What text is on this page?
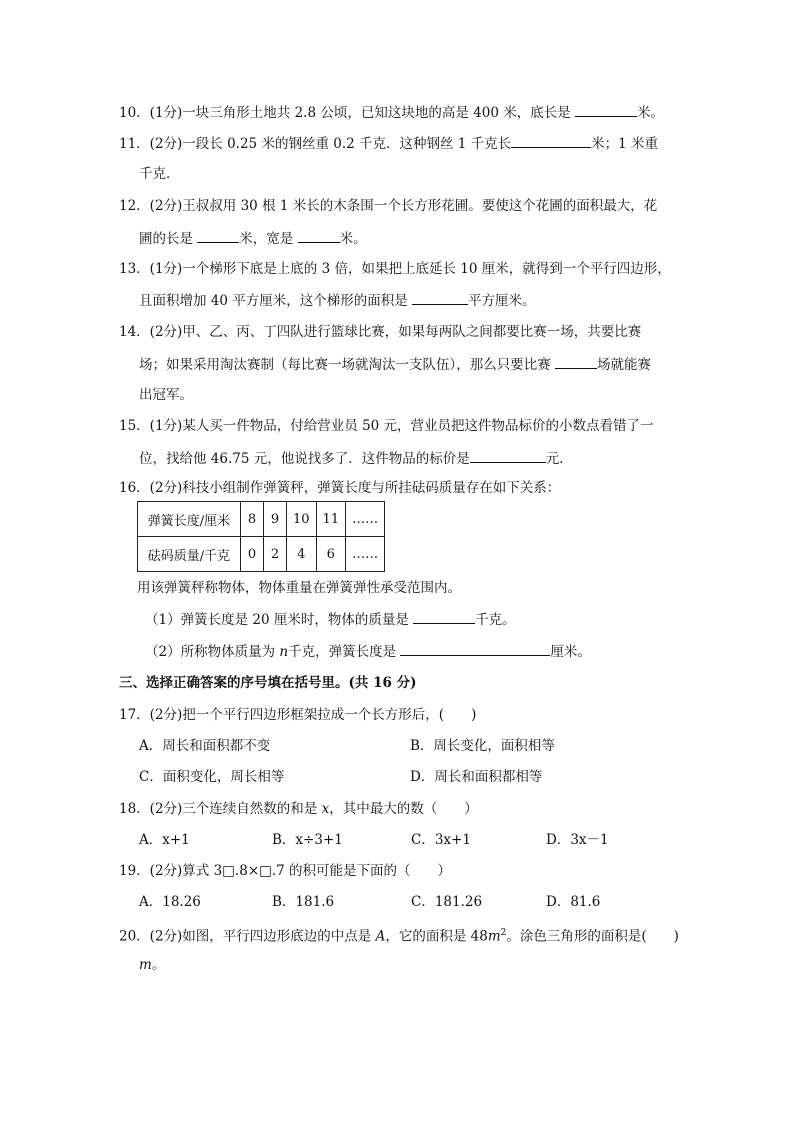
10．(1分)一块三角形土地共 2.8 公顷，已知这块地的高是 400 米，底长是	米。
11．(2分)一段长 0.25 米的钢丝重 0.2 千克．这种钢丝 1 千克长	米；1 米重
千克．
12．(2分)王叔叔用 30 根 1 米长的木条围一个长方形花圃。要使这个花圃的面积最大，花
圃的长是	米，宽是	米。
13．(1分)一个梯形下底是上底的 3 倍，如果把上底延长 10 厘米，就得到一个平行四边形，
且面积增加 40 平方厘米，这个梯形的面积是	平方厘米。
14．(2分)甲、乙、丙、丁四队进行篮球比赛，如果每两队之间都要比赛一场，共要比赛
场；如果采用淘汰赛制（每比赛一场就淘汰一支队伍），那么只要比赛	场就能赛
出冠军。
15．(1分)某人买一件物品，付给营业员 50 元，营业员把这件物品标价的小数点看错了一
位，找给他 46.75 元，他说找多了．这件物品的标价是	元．
16．(2分)科技小组制作弹簧秤，弹簧长度与所挂砝码质量存在如下关系：
弹簧长度/厘米	8	9	10	11	……
砝码质量/千克	0	2	4	6	……
用该弹簧秤称物体，物体重量在弹簧弹性承受范围内。
（1）弹簧长度是 20 厘米时，物体的质量是	千克。
（2）所称物体质量为 n千克，弹簧长度是	厘米。
三、选择正确答案的序号填在括号里。(共 16 分)
17．(2分)把一个平行四边形框架拉成一个长方形后，(　　)
A．周长和面积都不变	B．周长变化，面积相等
C．面积变化，周长相等	D．周长和面积都相等
18．(2分)三个连续自然数的和是 x，其中最大的数（　　）
A．x+1	B．x÷3+1	C．3x+1	D．3x－1
19．(2分)算式 3□.8×□.7 的积可能是下面的（　　）
A．18.26	B．181.6	C．181.26	D．81.6
20．(2分)如图，平行四边形底边的中点是 A，它的面积是 $48m^2$。涂色三角形的面积是(　　)
m。
